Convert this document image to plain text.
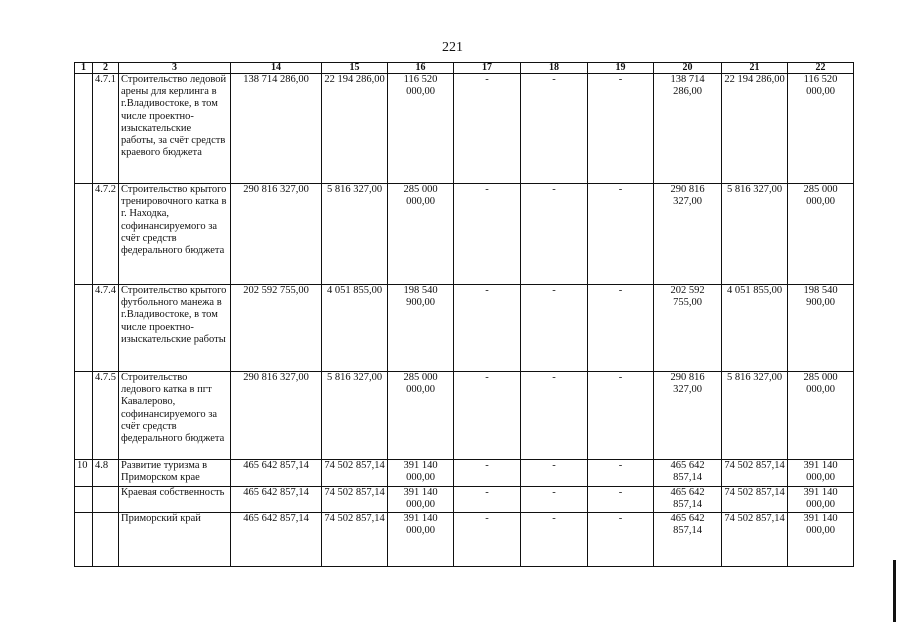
221
1	2	3	14	15	16	17	18	19	20	21	22
	4.7.1	Строительство ледовой арены для керлинга в г.Владивостоке, в том числе проектно-изыскательские работы, за счёт средств краевого бюджета	138 714 286,00	22 194 286,00	116 520 000,00	-	-	-	138 714 286,00	22 194 286,00	116 520 000,00
	4.7.2	Строительство крытого тренировочного катка в г. Находка, софинансируемого за счёт средств федерального бюджета	290 816 327,00	5 816 327,00	285 000 000,00	-	-	-	290 816 327,00	5 816 327,00	285 000 000,00
	4.7.4	Строительство крытого футбольного манежа в г.Владивостоке, в том числе проектно-изыскательские работы	202 592 755,00	4 051 855,00	198 540 900,00	-	-	-	202 592 755,00	4 051 855,00	198 540 900,00
	4.7.5	Строительство ледового катка в пгт Кавалерово, софинансируемого за счёт средств федерального бюджета	290 816 327,00	5 816 327,00	285 000 000,00	-	-	-	290 816 327,00	5 816 327,00	285 000 000,00
10	4.8	Развитие туризма в Приморском крае	465 642 857,14	74 502 857,14	391 140 000,00	-	-	-	465 642 857,14	74 502 857,14	391 140 000,00
		Краевая собственность	465 642 857,14	74 502 857,14	391 140 000,00	-	-	-	465 642 857,14	74 502 857,14	391 140 000,00
		Приморский край	465 642 857,14	74 502 857,14	391 140 000,00	-	-	-	465 642 857,14	74 502 857,14	391 140 000,00
